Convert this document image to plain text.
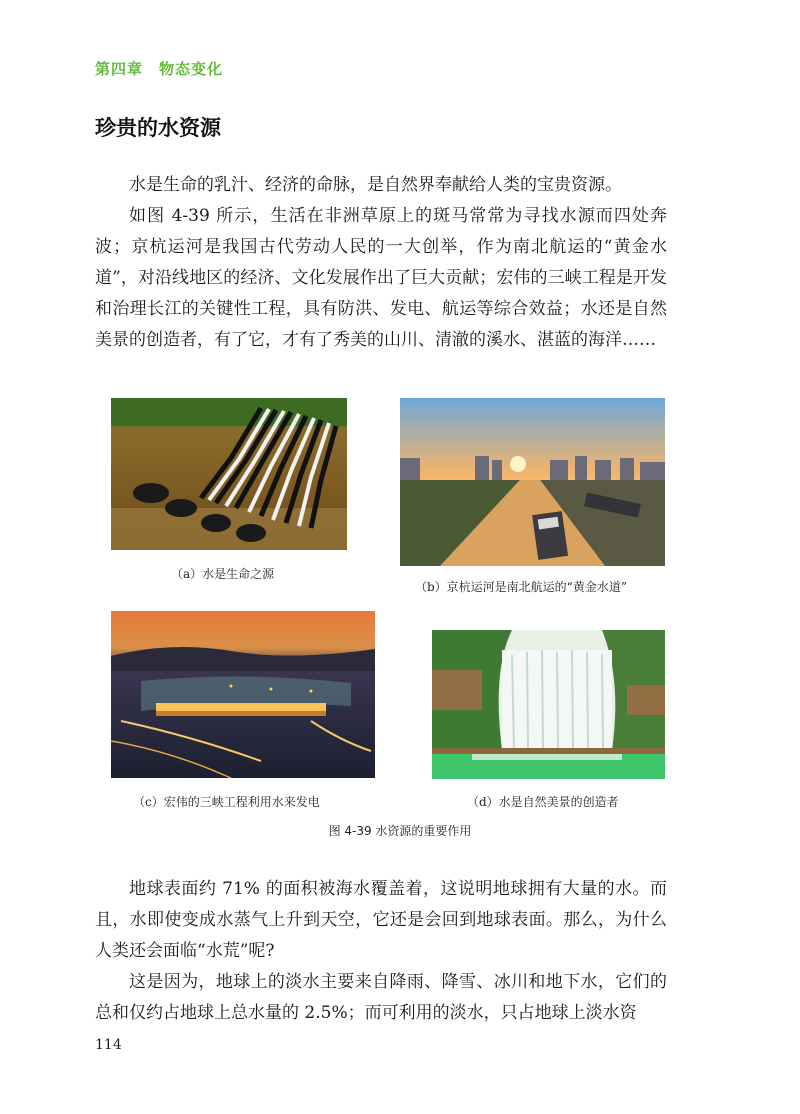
第四章　物态变化
珍贵的水资源

水是生命的乳汁、经济的命脉，是自然界奉献给人类的宝贵资源。

如图 4-39 所示，生活在非洲草原上的斑马常常为寻找水源而四处奔波；京杭运河是我国古代劳动人民的一大创举，作为南北航运的“黄金水道”，对沿线地区的经济、文化发展作出了巨大贡献；宏伟的三峡工程是开发和治理长江的关键性工程，具有防洪、发电、航运等综合效益；水还是自然美景的创造者，有了它，才有了秀美的山川、清澈的溪水、湛蓝的海洋……

（a）水是生命之源
（b）京杭运河是南北航运的“黄金水道”
（c）宏伟的三峡工程利用水来发电	（d）水是自然美景的创造者
图 4-39 水资源的重要作用

地球表面约 71% 的面积被海水覆盖着，这说明地球拥有大量的水。而且，水即使变成水蒸气上升到天空，它还是会回到地球表面。那么，为什么人类还会面临“水荒”呢?

这是因为，地球上的淡水主要来自降雨、降雪、冰川和地下水，它们的总和仅约占地球上总水量的 2.5%；而可利用的淡水，只占地球上淡水资

114
